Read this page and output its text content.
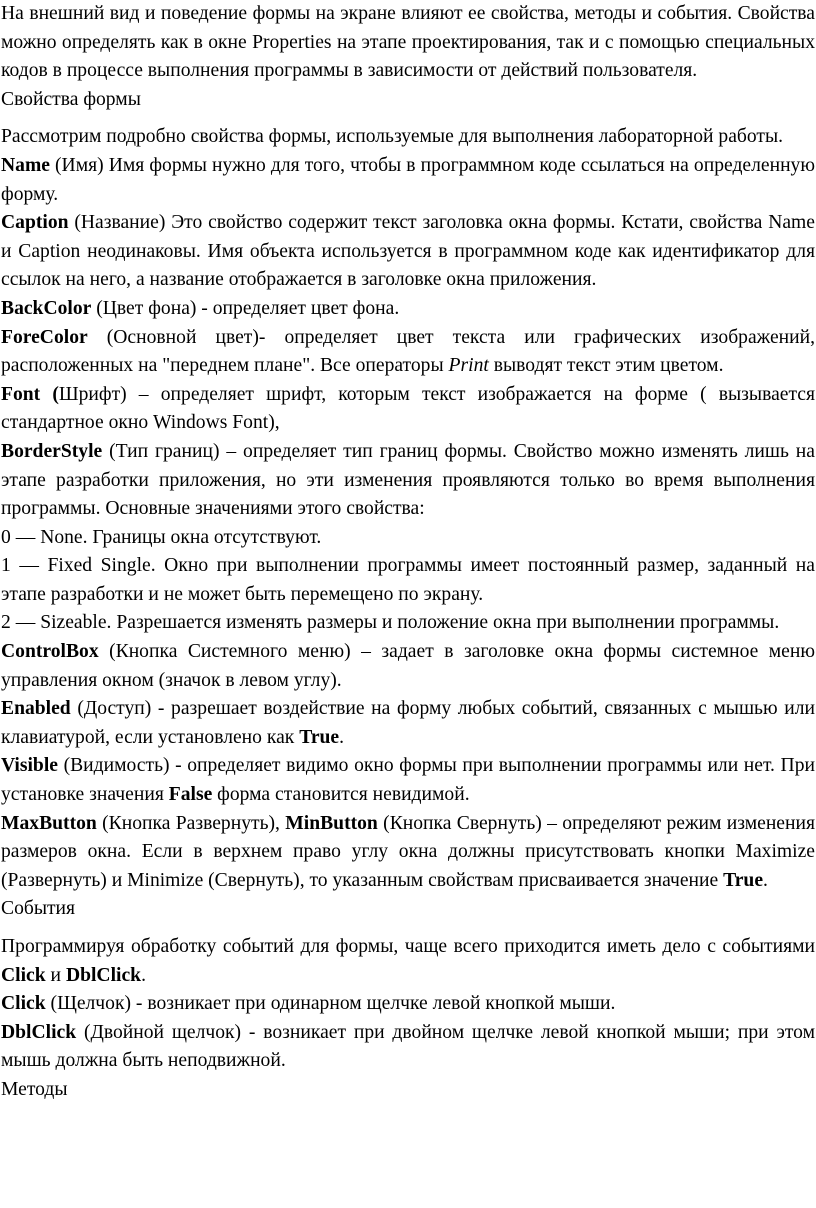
На внешний вид и поведение формы на экране влияют ее свойства, методы и события. Свойства можно определять как в окне Properties на этапе проектирования, так и с помощью специальных кодов в процессе выполнения программы в зависимости от действий пользователя.

Свойства формы

Рассмотрим подробно свойства формы, используемые для выполнения лабораторной работы.

Name (Имя) Имя формы нужно для того, чтобы в программном коде ссылаться на определенную форму.

Caption (Название) Это свойство содержит текст заголовка окна формы. Кстати, свойства Name и Caption неодинаковы. Имя объекта используется в программном коде как идентификатор для ссылок на него, а название отображается в заголовке окна приложения.

BackColor (Цвет фона) - определяет цвет фона.

ForeColor (Основной цвет)- определяет цвет текста или графических изображений, расположенных на "переднем плане". Все операторы Print выводят текст этим цветом.

Font (Шрифт) – определяет шрифт, которым текст изображается на форме ( вызывается стандартное окно Windows Font),

BorderStyle (Тип границ) – определяет тип границ формы. Свойство можно изменять лишь на этапе разработки приложения, но эти изменения проявляются только во время выполнения программы. Основные значениями этого свойства:

0 — None. Границы окна отсутствуют.

1 — Fixed Single. Окно при выполнении программы имеет постоянный размер, заданный на этапе разработки и не может быть перемещено по экрану.

2 — Sizeable. Разрешается изменять размеры и положение окна при выполнении программы.

ControlBox (Кнопка Системного меню) – задает в заголовке окна формы системное меню управления окном (значок в левом углу).

Enabled (Доступ) - разрешает воздействие на форму любых событий, связанных с мышью или клавиатурой, если установлено как True.

Visible (Видимость) - определяет видимо окно формы при выполнении программы или нет. При установке значения False форма становится невидимой.

MaxButton (Кнопка Развернуть), MinButton (Кнопка Свернуть) – определяют режим изменения размеров окна. Если в верхнем право углу окна должны присутствовать кнопки Maximize (Развернуть) и Minimize (Свернуть), то указанным свойствам присваивается значение True.

События

Программируя обработку событий для формы, чаще всего приходится иметь дело с событиями Click и DblClick.

Click (Щелчок) - возникает при одинарном щелчке левой кнопкой мыши.

DblClick (Двойной щелчок) - возникает при двойном щелчке левой кнопкой мыши; при этом мышь должна быть неподвижной.

Методы
